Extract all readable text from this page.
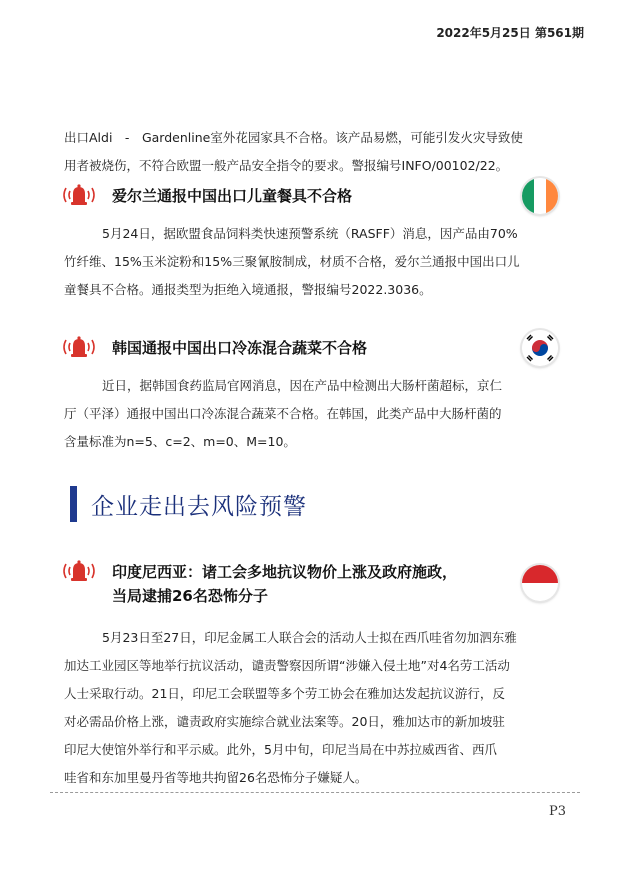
2022年5月25日 第561期

出口Aldi　-　Gardenline室外花园家具不合格。该产品易燃，可能引发火灾导致使
用者被烧伤，不符合欧盟一般产品安全指令的要求。警报编号INFO/00102/22。

爱尔兰通报中国出口儿童餐具不合格

5月24日，据欧盟食品饲料类快速预警系统（RASFF）消息，因产品由70%
竹纤维、15%玉米淀粉和15%三聚氰胺制成，材质不合格，爱尔兰通报中国出口儿
童餐具不合格。通报类型为拒绝入境通报，警报编号2022.3036。

韩国通报中国出口冷冻混合蔬菜不合格

近日，据韩国食药监局官网消息，因在产品中检测出大肠杆菌超标，京仁
厅（平泽）通报中国出口冷冻混合蔬菜不合格。在韩国，此类产品中大肠杆菌的
含量标准为n=5、c=2、m=0、M=10。

企业走出去风险预警
印度尼西亚：诸工会多地抗议物价上涨及政府施政，
当局逮捕26名恐怖分子

5月23日至27日，印尼金属工人联合会的活动人士拟在西爪哇省勿加泗东雅
加达工业园区等地举行抗议活动，谴责警察因所谓“涉嫌入侵土地”对4名劳工活动
人士采取行动。21日，印尼工会联盟等多个劳工协会在雅加达发起抗议游行，反
对必需品价格上涨，谴责政府实施综合就业法案等。20日，雅加达市的新加坡驻
印尼大使馆外举行和平示威。此外，5月中旬，印尼当局在中苏拉威西省、西爪
哇省和东加里曼丹省等地共拘留26名恐怖分子嫌疑人。

P3
